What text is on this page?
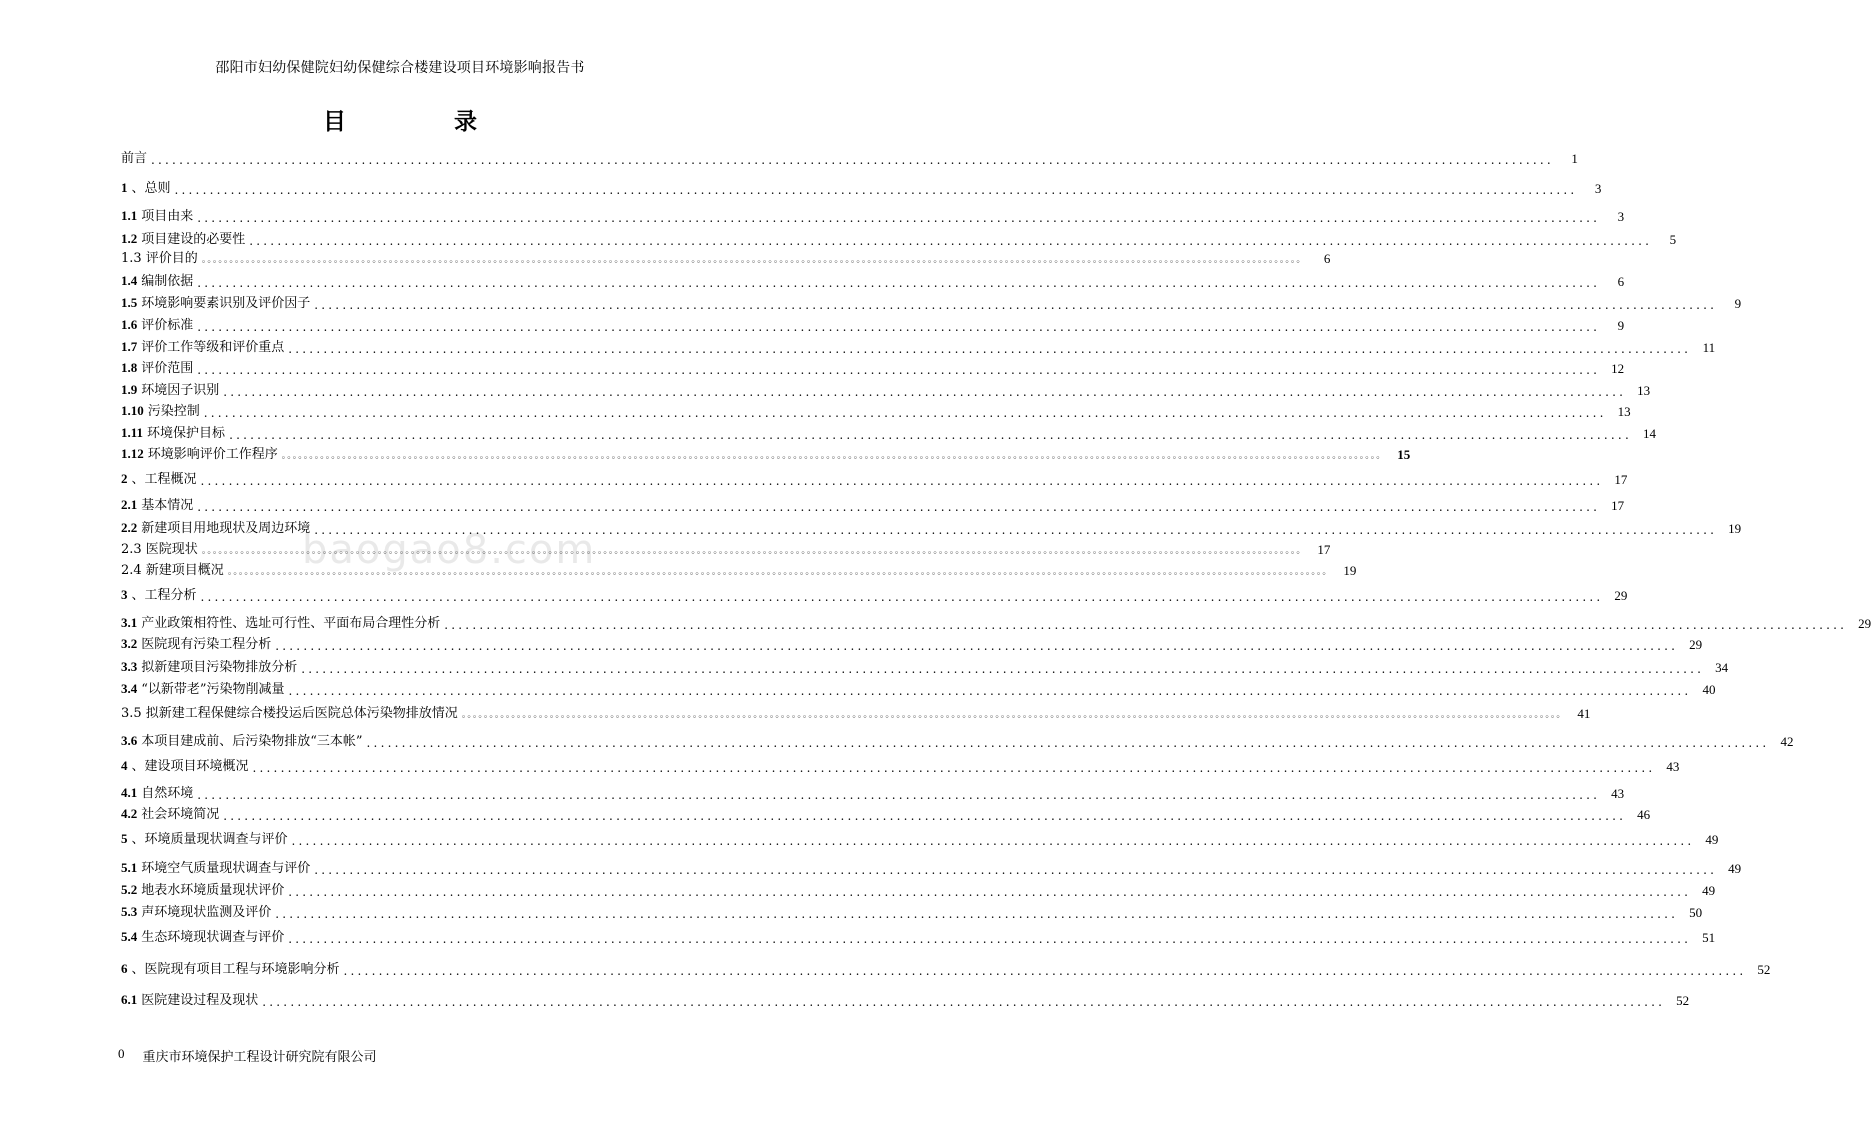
邵阳市妇幼保健院妇幼保健综合楼建设项目环境影响报告书
目 录
baogao8.com
前言 ........................................................................................................................................................................................................	1
1 、总则 ........................................................................................................................................................................................................	3
1.1 项目由来 ........................................................................................................................................................................................................	3
1.2 项目建设的必要性 ........................................................................................................................................................................................................	5
1.3 评价目的 。。。。。。。。。。。。。。。。。。。。。。。。。。。。。。。。。。。。。。。。。。。。。。。。。。。。。。。。。。。。。。。。。。。。。。。。。。。。。。。。。。。。。。。。。。。。。。。。。。。。。。。。。。。。。。。。。。。。。。。。。。。。。。。。。。。。。。。。。。。。。。。。。。。。。。。。。。。。。。。。。。。。。。。。。。。。。。。。。。。。。。。。。。。。。。。。。。。。。。。。	6
1.4 编制依据 ........................................................................................................................................................................................................	6
1.5 环境影响要素识别及评价因子 ........................................................................................................................................................................................................	9
1.6 评价标准 ........................................................................................................................................................................................................	9
1.7 评价工作等级和评价重点 ........................................................................................................................................................................................................ 11
1.8 评价范围 ........................................................................................................................................................................................................ 12
1.9 环境因子识别 ........................................................................................................................................................................................................ 13
1.10 污染控制 ........................................................................................................................................................................................................ 13
1.11 环境保护目标 ........................................................................................................................................................................................................ 14
1.12 环境影响评价工作程序 。。。。。。。。。。。。。。。。。。。。。。。。。。。。。。。。。。。。。。。。。。。。。。。。。。。。。。。。。。。。。。。。。。。。。。。。。。。。。。。。。。。。。。。。。。。。。。。。。。。。。。。。。。。。。。。。。。。。。。。。。。。。。。。。。。。。。。。。。。。。。。。。。。。。。。。。。。。。。。。。。。。。。。。。。。。。。。。。。。。。。。。。。。。。。。。。。。。。。。。。 15
2 、工程概况 ........................................................................................................................................................................................................ 17
2.1 基本情况 ........................................................................................................................................................................................................ 17
2.2 新建项目用地现状及周边环境 ........................................................................................................................................................................................................ 19
2.3 医院现状 。。。。。。。。。。。。。。。。。。。。。。。。。。。。。。。。。。。。。。。。。。。。。。。。。。。。。。。。。。。。。。。。。。。。。。。。。。。。。。。。。。。。。。。。。。。。。。。。。。。。。。。。。。。。。。。。。。。。。。。。。。。。。。。。。。。。。。。。。。。。。。。。。。。。。。。。。。。。。。。。。。。。。。。。。。。。。。。。。。。。。。。。。。。。。。。。。。。。。。。。 17
2.4 新建项目概况 。。。。。。。。。。。。。。。。。。。。。。。。。。。。。。。。。。。。。。。。。。。。。。。。。。。。。。。。。。。。。。。。。。。。。。。。。。。。。。。。。。。。。。。。。。。。。。。。。。。。。。。。。。。。。。。。。。。。。。。。。。。。。。。。。。。。。。。。。。。。。。。。。。。。。。。。。。。。。。。。。。。。。。。。。。。。。。。。。。。。。。。。。。。。。。。。。。。。。。。。 19
3 、工程分析 ........................................................................................................................................................................................................ 29
3.1 产业政策相符性、选址可行性、平面布局合理性分析 ........................................................................................................................................................................................................ 29
3.2 医院现有污染工程分析 ........................................................................................................................................................................................................ 29
3.3 拟新建项目污染物排放分析 ........................................................................................................................................................................................................ 34
3.4 “以新带老”污染物削减量 ........................................................................................................................................................................................................ 40
3.5 拟新建工程保健综合楼投运后医院总体污染物排放情况 。。。。。。。。。。。。。。。。。。。。。。。。。。。。。。。。。。。。。。。。。。。。。。。。。。。。。。。。。。。。。。。。。。。。。。。。。。。。。。。。。。。。。。。。。。。。。。。。。。。。。。。。。。。。。。。。。。。。。。。。。。。。。。。。。。。。。。。。。。。。。。。。。。。。。。。。。。。。。。。。。。。。。。。。。。。。。。。。。。。。。。。。。。。。。。。。。。。。。。。。 41
3.6 本项目建成前、后污染物排放“三本帐” ........................................................................................................................................................................................................ 42
4 、建设项目环境概况 ........................................................................................................................................................................................................ 43
4.1 自然环境 ........................................................................................................................................................................................................ 43
4.2 社会环境简况 ........................................................................................................................................................................................................ 46
5 、环境质量现状调查与评价 ........................................................................................................................................................................................................ 49
5.1 环境空气质量现状调查与评价 ........................................................................................................................................................................................................ 49
5.2 地表水环境质量现状评价 ........................................................................................................................................................................................................ 49
5.3 声环境现状监测及评价 ........................................................................................................................................................................................................ 50
5.4 生态环境现状调查与评价 ........................................................................................................................................................................................................ 51
6 、医院现有项目工程与环境影响分析 ........................................................................................................................................................................................................ 52
6.1 医院建设过程及现状 ........................................................................................................................................................................................................ 52
0 重庆市环境保护工程设计研究院有限公司
